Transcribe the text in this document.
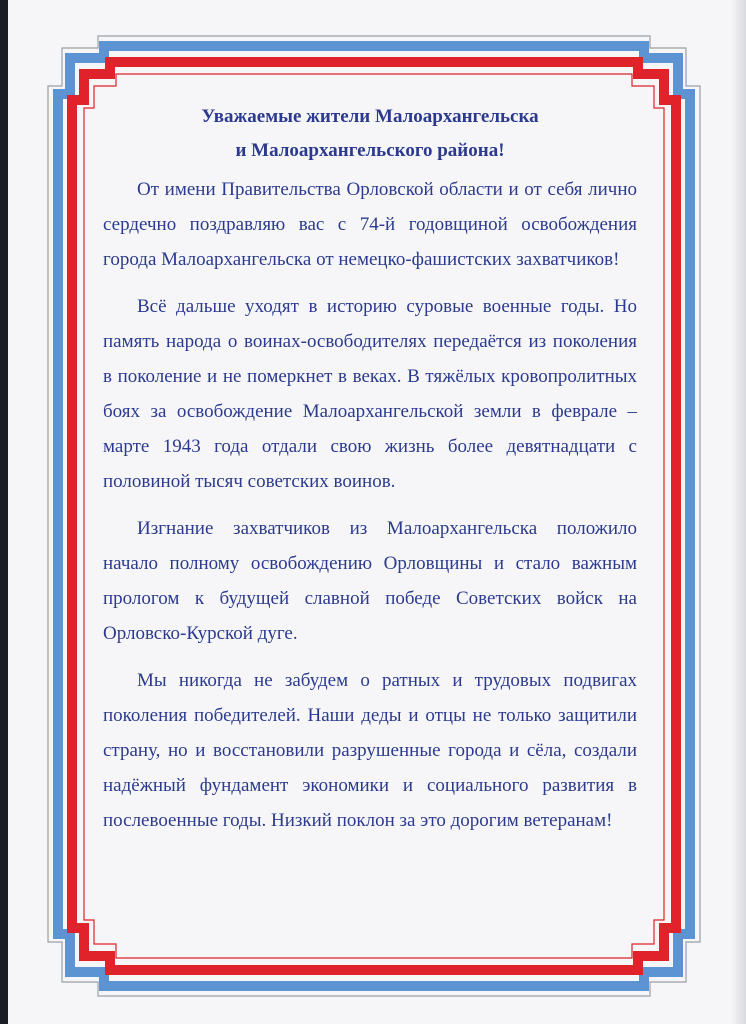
Уважаемые жители Малоархангельска
и Малоархангельского района!

От имени Правительства Орловской области и от себя лично сердечно поздравляю вас с 74-й годовщиной освобождения города Малоархангельска от немецко-фашистских захватчиков!

Всё дальше уходят в историю суровые военные годы. Но память народа о воинах-освободителях передаётся из поколения в поколение и не померкнет в веках. В тяжёлых кровопролитных боях за освобождение Малоархангельской земли в феврале – марте 1943 года отдали свою жизнь более девятнадцати с половиной тысяч советских воинов.

Изгнание захватчиков из Малоархангельска положило начало полному освобождению Орловщины и стало важным прологом к будущей славной победе Советских войск на Орловско-Курской дуге.

Мы никогда не забудем о ратных и трудовых подвигах поколения победителей. Наши деды и отцы не только защитили страну, но и восстановили разрушенные города и сёла, создали надёжный фундамент экономики и социального развития в послевоенные годы. Низкий поклон за это дорогим ветеранам!
